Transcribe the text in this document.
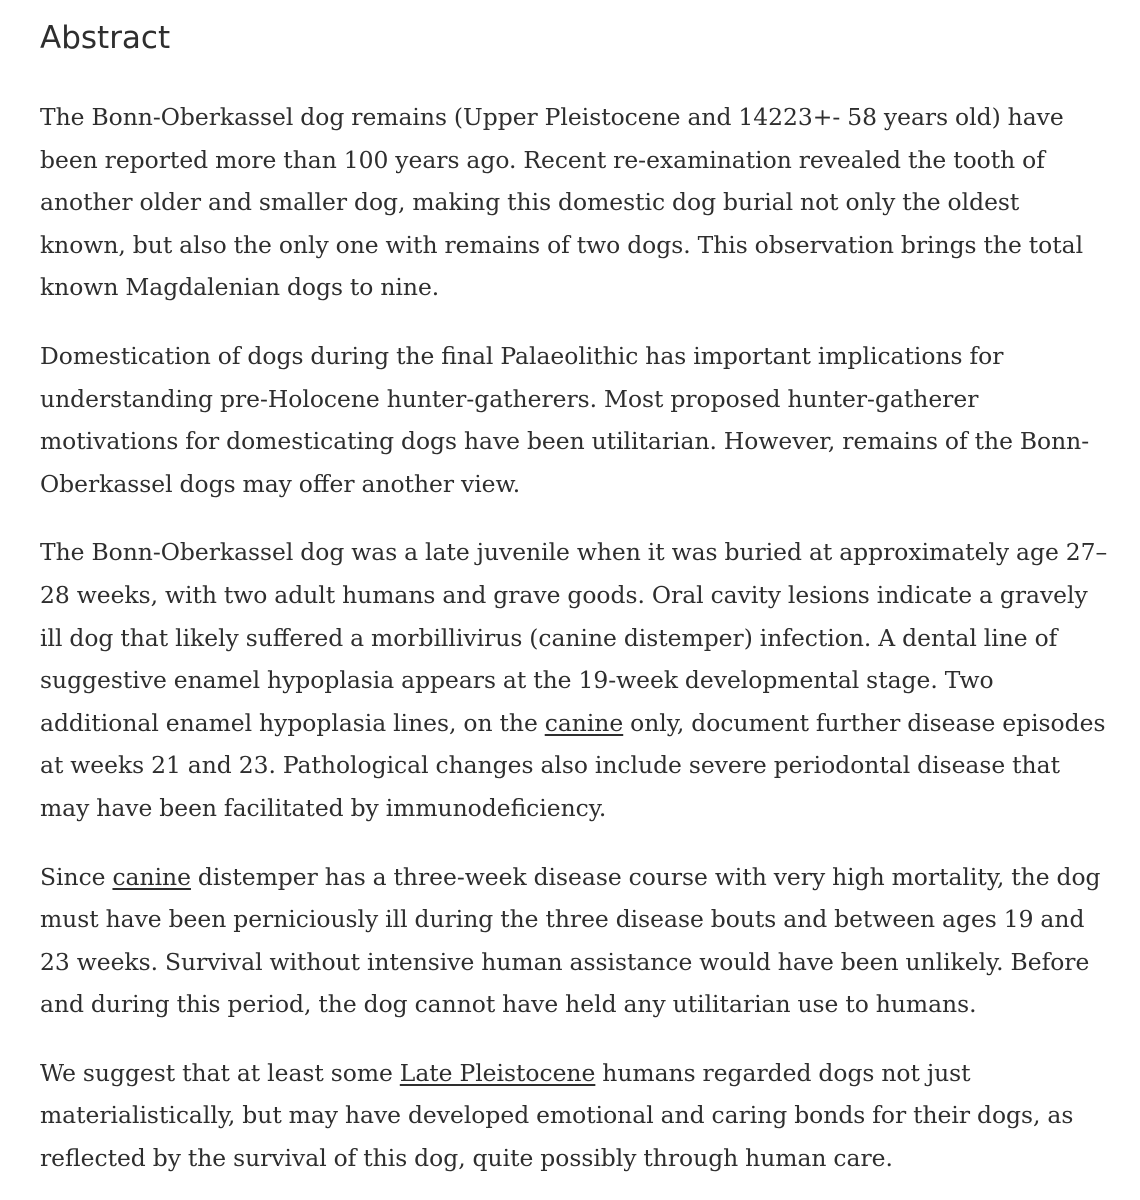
Abstract

The Bonn-Oberkassel dog remains (Upper Pleistocene and 14223+- 58 years old) have been reported more than 100 years ago. Recent re-examination revealed the tooth of another older and smaller dog, making this domestic dog burial not only the oldest known, but also the only one with remains of two dogs. This observation brings the total known Magdalenian dogs to nine.

Domestication of dogs during the final Palaeolithic has important implications for understanding pre-Holocene hunter-gatherers. Most proposed hunter-gatherer motivations for domesticating dogs have been utilitarian. However, remains of the Bonn-Oberkassel dogs may offer another view.

The Bonn-Oberkassel dog was a late juvenile when it was buried at approximately age 27–28 weeks, with two adult humans and grave goods. Oral cavity lesions indicate a gravely ill dog that likely suffered a morbillivirus (canine distemper) infection. A dental line of suggestive enamel hypoplasia appears at the 19-week developmental stage. Two additional enamel hypoplasia lines, on the canine only, document further disease episodes at weeks 21 and 23. Pathological changes also include severe periodontal disease that may have been facilitated by immunodeficiency.

Since canine distemper has a three-week disease course with very high mortality, the dog must have been perniciously ill during the three disease bouts and between ages 19 and 23 weeks. Survival without intensive human assistance would have been unlikely. Before and during this period, the dog cannot have held any utilitarian use to humans.

We suggest that at least some Late Pleistocene humans regarded dogs not just materialistically, but may have developed emotional and caring bonds for their dogs, as reflected by the survival of this dog, quite possibly through human care.
